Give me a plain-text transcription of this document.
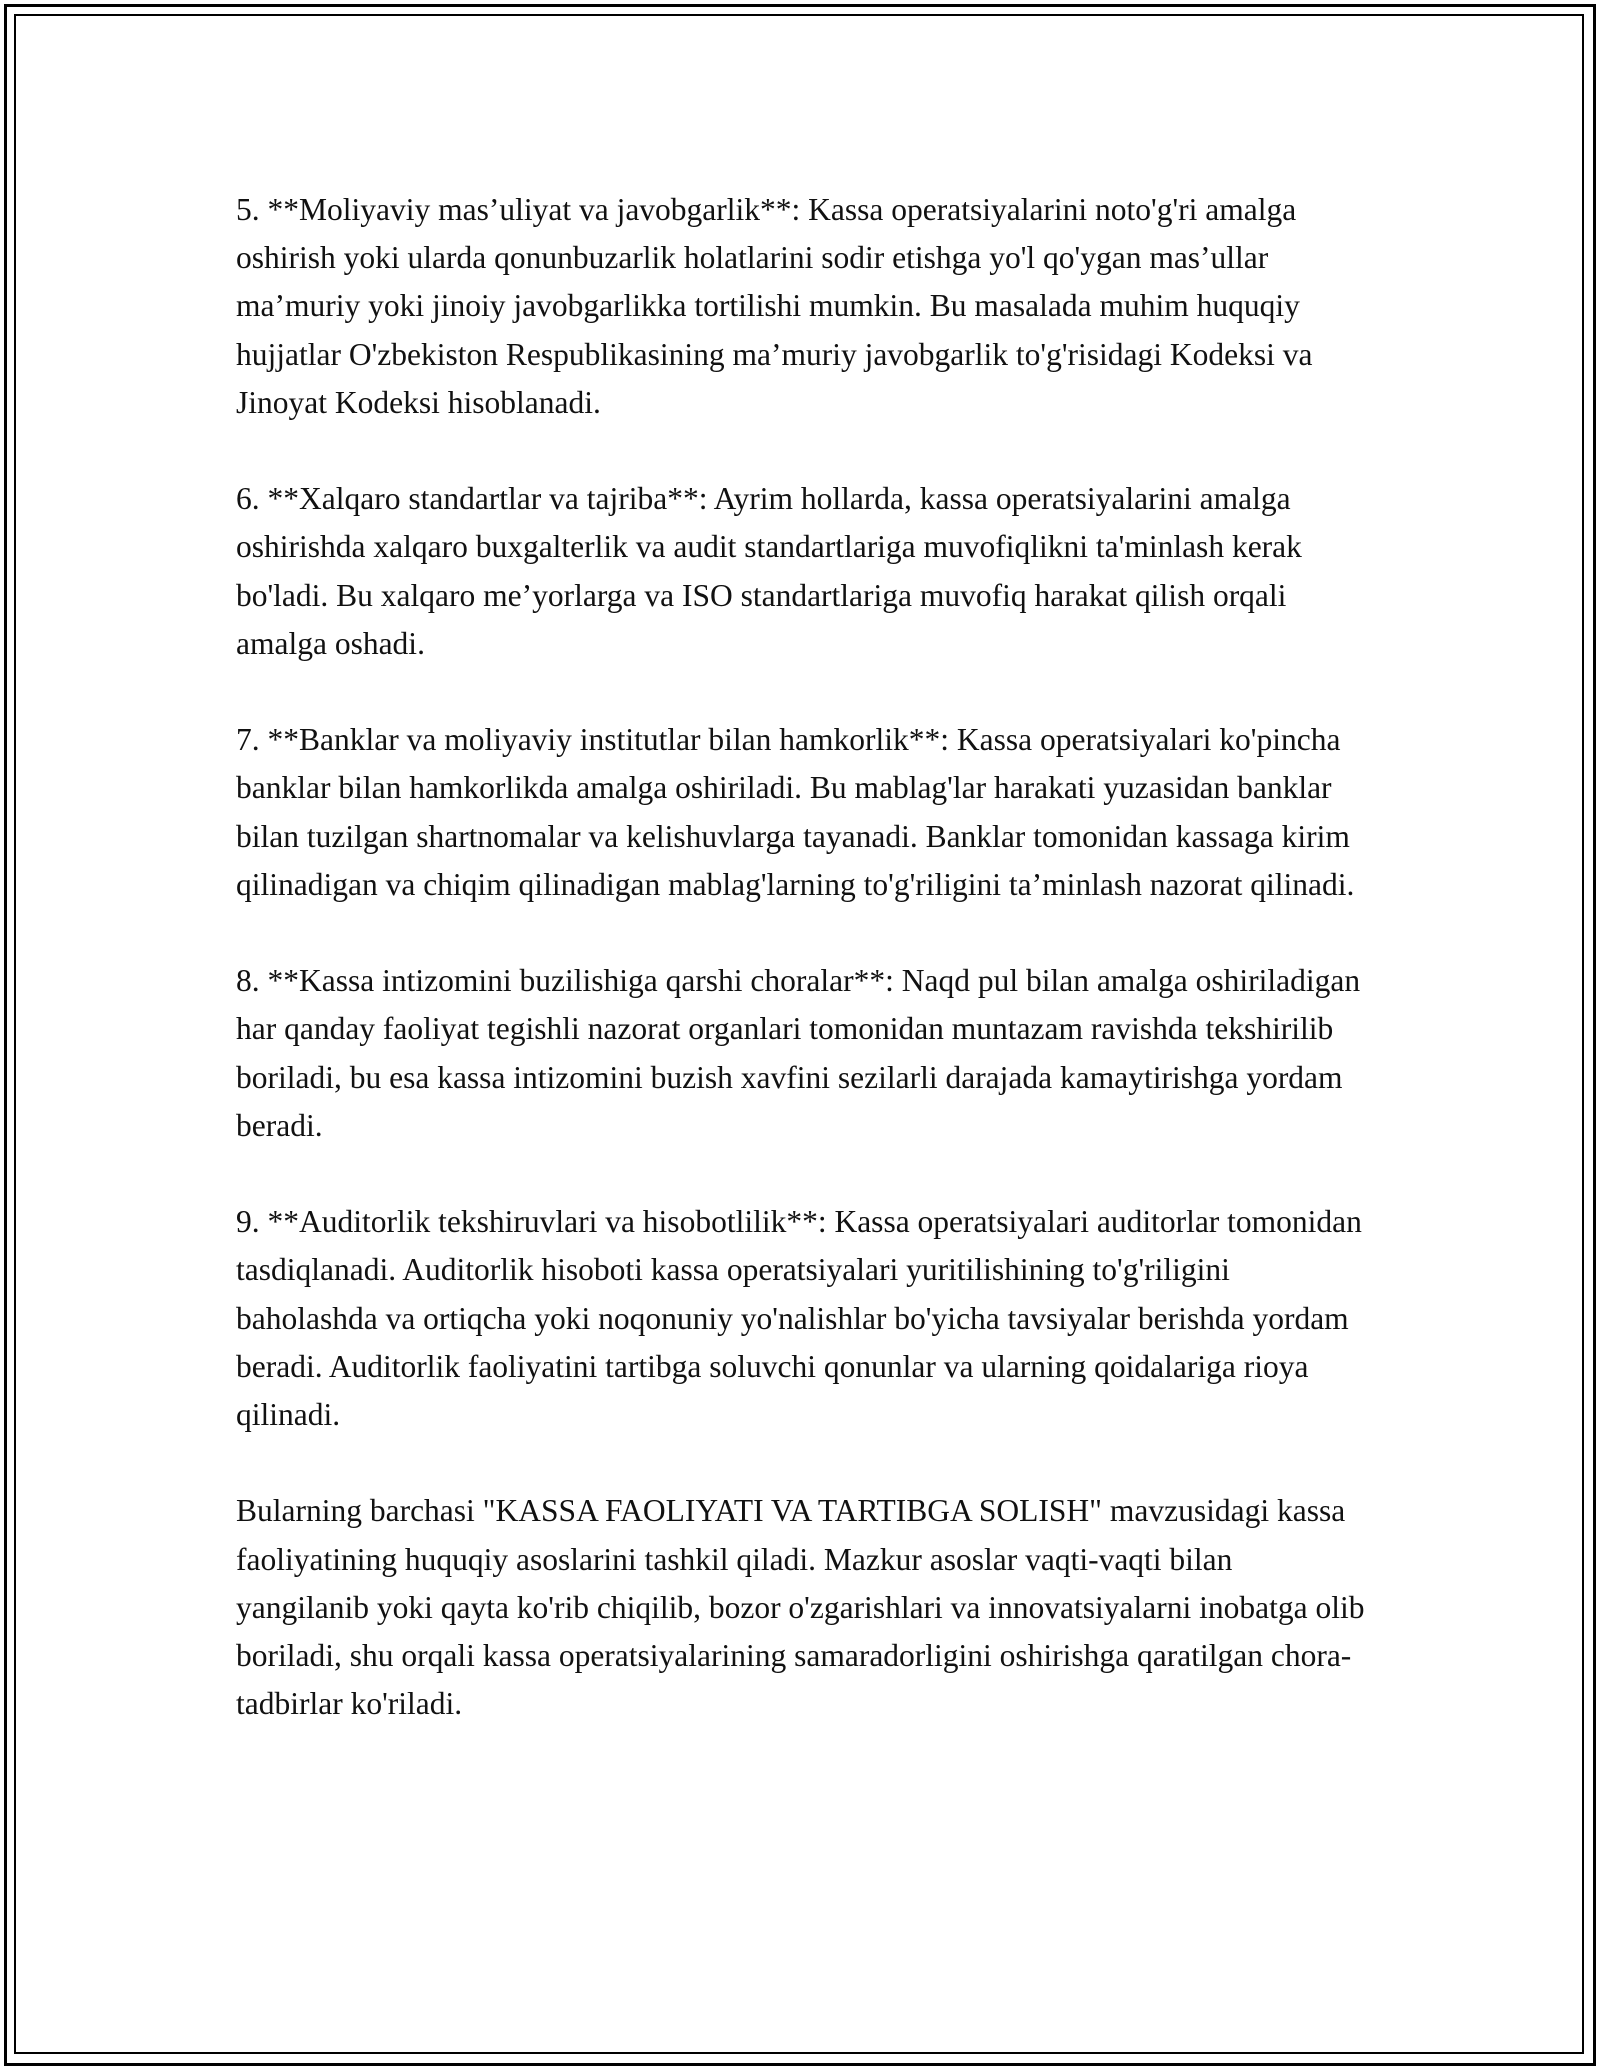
5. **Moliyaviy mas’uliyat va javobgarlik**: Kassa operatsiyalarini noto'g'ri amalga oshirish yoki ularda qonunbuzarlik holatlarini sodir etishga yo'l qo'ygan mas’ullar ma’muriy yoki jinoiy javobgarlikka tortilishi mumkin. Bu masalada muhim huquqiy hujjatlar O'zbekiston Respublikasining ma’muriy javobgarlik to'g'risidagi Kodeksi va Jinoyat Kodeksi hisoblanadi.

6. **Xalqaro standartlar va tajriba**: Ayrim hollarda, kassa operatsiyalarini amalga oshirishda xalqaro buxgalterlik va audit standartlariga muvofiqlikni ta'minlash kerak bo'ladi. Bu xalqaro me’yorlarga va ISO standartlariga muvofiq harakat qilish orqali amalga oshadi.

7. **Banklar va moliyaviy institutlar bilan hamkorlik**: Kassa operatsiyalari ko'pincha banklar bilan hamkorlikda amalga oshiriladi. Bu mablag'lar harakati yuzasidan banklar bilan tuzilgan shartnomalar va kelishuvlarga tayanadi. Banklar tomonidan kassaga kirim qilinadigan va chiqim qilinadigan mablag'larning to'g'riligini ta’minlash nazorat qilinadi.

8. **Kassa intizomini buzilishiga qarshi choralar**: Naqd pul bilan amalga oshiriladigan har qanday faoliyat tegishli nazorat organlari tomonidan muntazam ravishda tekshirilib boriladi, bu esa kassa intizomini buzish xavfini sezilarli darajada kamaytirishga yordam beradi.

9. **Auditorlik tekshiruvlari va hisobotlilik**: Kassa operatsiyalari auditorlar tomonidan tasdiqlanadi. Auditorlik hisoboti kassa operatsiyalari yuritilishining to'g'riligini baholashda va ortiqcha yoki noqonuniy yo'nalishlar bo'yicha tavsiyalar berishda yordam beradi. Auditorlik faoliyatini tartibga soluvchi qonunlar va ularning qoidalariga rioya qilinadi.

Bularning barchasi "KASSA FAOLIYATI VA TARTIBGA SOLISH" mavzusidagi kassa faoliyatining huquqiy asoslarini tashkil qiladi. Mazkur asoslar vaqti-vaqti bilan yangilanib yoki qayta ko'rib chiqilib, bozor o'zgarishlari va innovatsiyalarni inobatga olib boriladi, shu orqali kassa operatsiyalarining samaradorligini oshirishga qaratilgan chora-tadbirlar ko'riladi.
